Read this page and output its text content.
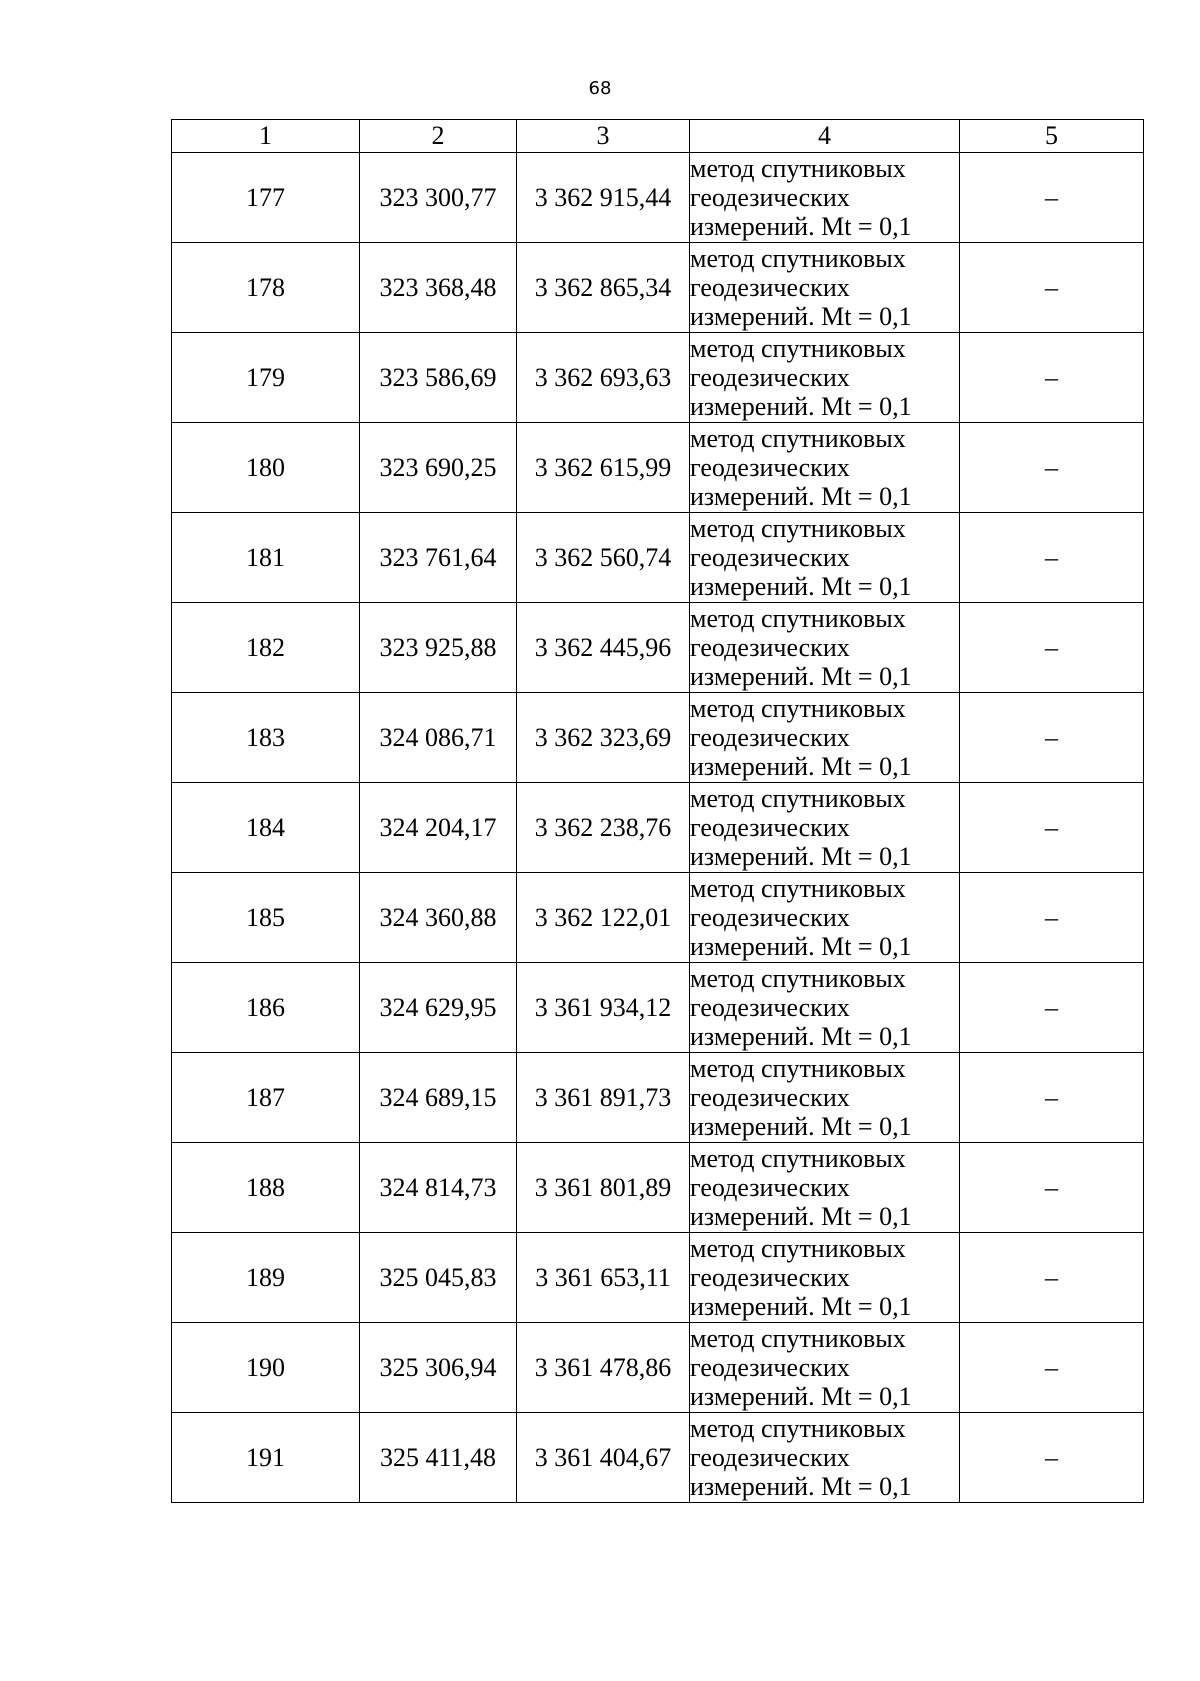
68
1	2	3	4	5
177	323 300,77	3 362 915,44	метод спутниковых
геодезических
измерений. Mt = 0,1	–
178	323 368,48	3 362 865,34	метод спутниковых
геодезических
измерений. Mt = 0,1	–
179	323 586,69	3 362 693,63	метод спутниковых
геодезических
измерений. Mt = 0,1	–
180	323 690,25	3 362 615,99	метод спутниковых
геодезических
измерений. Mt = 0,1	–
181	323 761,64	3 362 560,74	метод спутниковых
геодезических
измерений. Mt = 0,1	–
182	323 925,88	3 362 445,96	метод спутниковых
геодезических
измерений. Mt = 0,1	–
183	324 086,71	3 362 323,69	метод спутниковых
геодезических
измерений. Mt = 0,1	–
184	324 204,17	3 362 238,76	метод спутниковых
геодезических
измерений. Mt = 0,1	–
185	324 360,88	3 362 122,01	метод спутниковых
геодезических
измерений. Mt = 0,1	–
186	324 629,95	3 361 934,12	метод спутниковых
геодезических
измерений. Mt = 0,1	–
187	324 689,15	3 361 891,73	метод спутниковых
геодезических
измерений. Mt = 0,1	–
188	324 814,73	3 361 801,89	метод спутниковых
геодезических
измерений. Mt = 0,1	–
189	325 045,83	3 361 653,11	метод спутниковых
геодезических
измерений. Mt = 0,1	–
190	325 306,94	3 361 478,86	метод спутниковых
геодезических
измерений. Mt = 0,1	–
191	325 411,48	3 361 404,67	метод спутниковых
геодезических
измерений. Mt = 0,1	–
